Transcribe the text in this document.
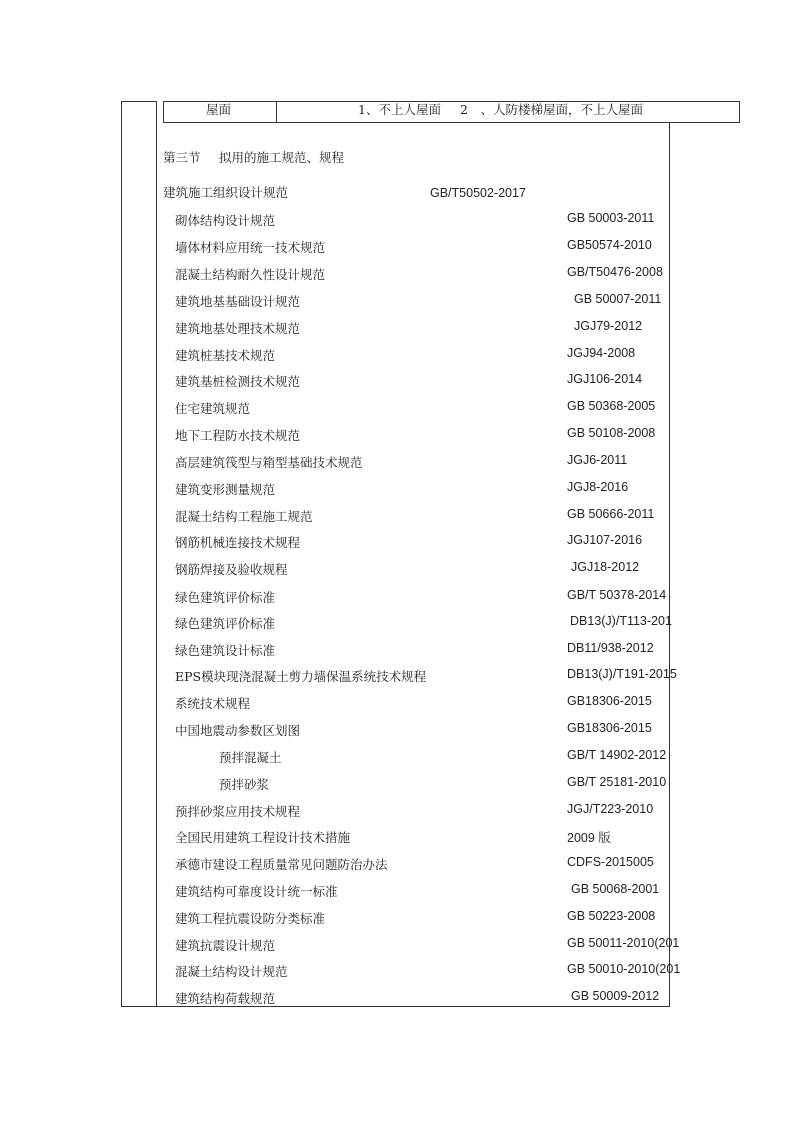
屋面	1、不上人屋面 2　、人防楼梯屋面，不上人屋面
第三节 拟用的施工规范、规程
建筑施工组织设计规范	GB/T50502-2017
砌体结构设计规范	GB 50003-2011
墙体材料应用统一技术规范	GB50574-2010
混凝土结构耐久性设计规范	GB/T50476-2008
建筑地基基础设计规范	GB 50007-2011
建筑地基处理技术规范	JGJ79-2012
建筑桩基技术规范	JGJ94-2008
建筑基桩检测技术规范	JGJ106-2014
住宅建筑规范	GB 50368-2005
地下工程防水技术规范	GB 50108-2008
高层建筑筏型与箱型基础技术规范	JGJ6-2011
建筑变形测量规范	JGJ8-2016
混凝土结构工程施工规范	GB 50666-2011
钢筋机械连接技术规程	JGJ107-2016
钢筋焊接及验收规程	JGJ18-2012
绿色建筑评价标准	GB/T 50378-2014
绿色建筑评价标准	DB13(J)/T113-201
绿色建筑设计标准	DB11/938-2012
EPS模块现浇混凝土剪力墙保温系统技术规程	DB13(J)/T191-2015
系统技术规程	GB18306-2015
中国地震动参数区划图	GB18306-2015
预拌混凝土	GB/T 14902-2012
预拌砂浆	GB/T 25181-2010
预拌砂浆应用技术规程	JGJ/T223-2010
全国民用建筑工程设计技术措施	2009 版
承德市建设工程质量常见问题防治办法	CDFS-2015005
建筑结构可靠度设计统一标准	GB 50068-2001
建筑工程抗震设防分类标准	GB 50223-2008
建筑抗震设计规范	GB 50011-2010(201
混凝土结构设计规范	GB 50010-2010(201
建筑结构荷载规范	GB 50009-2012
